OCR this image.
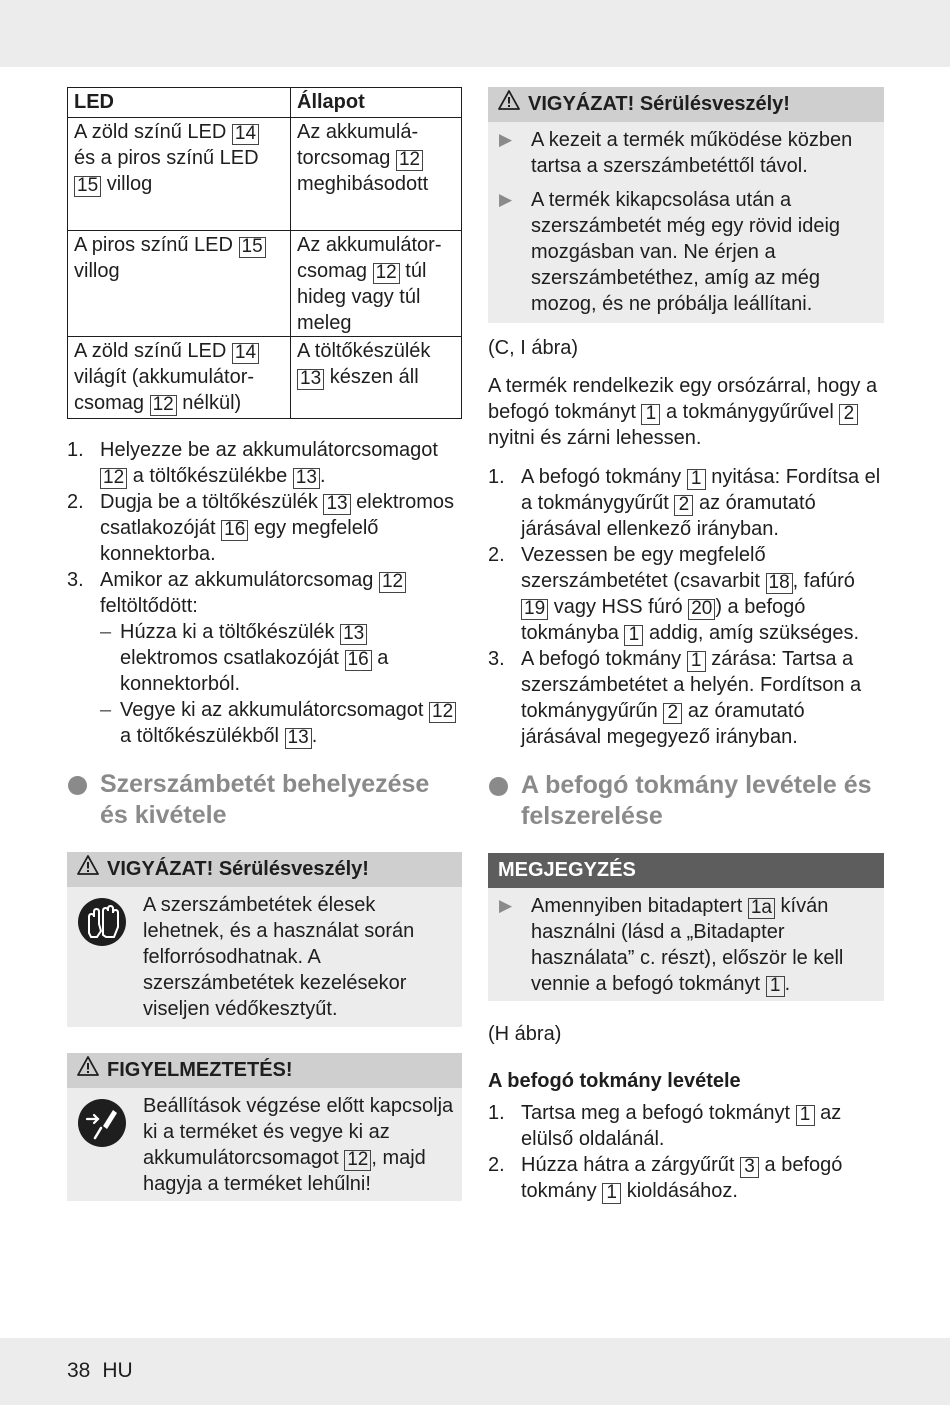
LED	Állapot
A zöld színű LED 14 és a piros színű LED 15 villog	Az akkumulá-torcsomag 12 meghibásodott
A piros színű LED 15 villog	Az akkumulátor-csomag 12 túl hideg vagy túl meleg
A zöld színű LED 14 világít (akkumulátor-csomag 12 nélkül)	A töltőkészülék 13 készen áll
1. Helyezze be az akkumulátorcsomagot 12 a töltőkészülékbe 13 .
2. Dugja be a töltőkészülék 13 elektromos csatlakozóját 16 egy megfelelő konnektorba.
3. Amikor az akkumulátorcsomag 12 feltöltődött:
– Húzza ki a töltőkészülék 13 elektromos csatlakozóját 16 a konnektorból.
– Vegye ki az akkumulátorcsomagot 12 a töltőkészülékből 13 .
Szerszámbetét behelyezése és kivétele
VIGYÁZAT! Sérülésveszély!
A szerszámbetétek élesek lehetnek, és a használat során felforrósodhatnak. A szerszámbetétek kezelésekor viseljen védőkesztyűt.
FIGYELMEZTETÉS!
Beállítások végzése előtt kapcsolja ki a terméket és vegye ki az akkumulátorcsomagot 12 , majd hagyja a terméket lehűlni!
VIGYÁZAT! Sérülésveszély!
▶ A kezeit a termék működése közben tartsa a szerszámbetéttől távol.
▶ A termék kikapcsolása után a szerszámbetét még egy rövid ideig mozgásban van. Ne érjen a szerszámbetéthez, amíg az még mozog, és ne próbálja leállítani.
(C, I ábra)
A termék rendelkezik egy orsózárral, hogy a befogó tokmányt 1 a tokmánygyűrűvel 2 nyitni és zárni lehessen.
1. A befogó tokmány 1 nyitása: Fordítsa el a tokmánygyűrűt 2 az óramutató járásával ellenkező irányban.
2. Vezessen be egy megfelelő szerszámbetétet (csavarbit 18 , fafúró 19 vagy HSS fúró 20 ) a befogó tokmányba 1 addig, amíg szükséges.
3. A befogó tokmány 1 zárása: Tartsa a szerszámbetétet a helyén. Fordítson a tokmánygyűrűn 2 az óramutató járásával megegyező irányban.
A befogó tokmány levétele és felszerelése
MEGJEGYZÉS
▶ Amennyiben bitadaptert 1a kíván használni (lásd a „Bitadapter használata” c. részt), először le kell vennie a befogó tokmányt 1 .
(H ábra)
A befogó tokmány levétele
1. Tartsa meg a befogó tokmányt 1 az elülső oldalánál.
2. Húzza hátra a zárgyűrűt 3 a befogó tokmány 1 kioldásához.
38 HU
